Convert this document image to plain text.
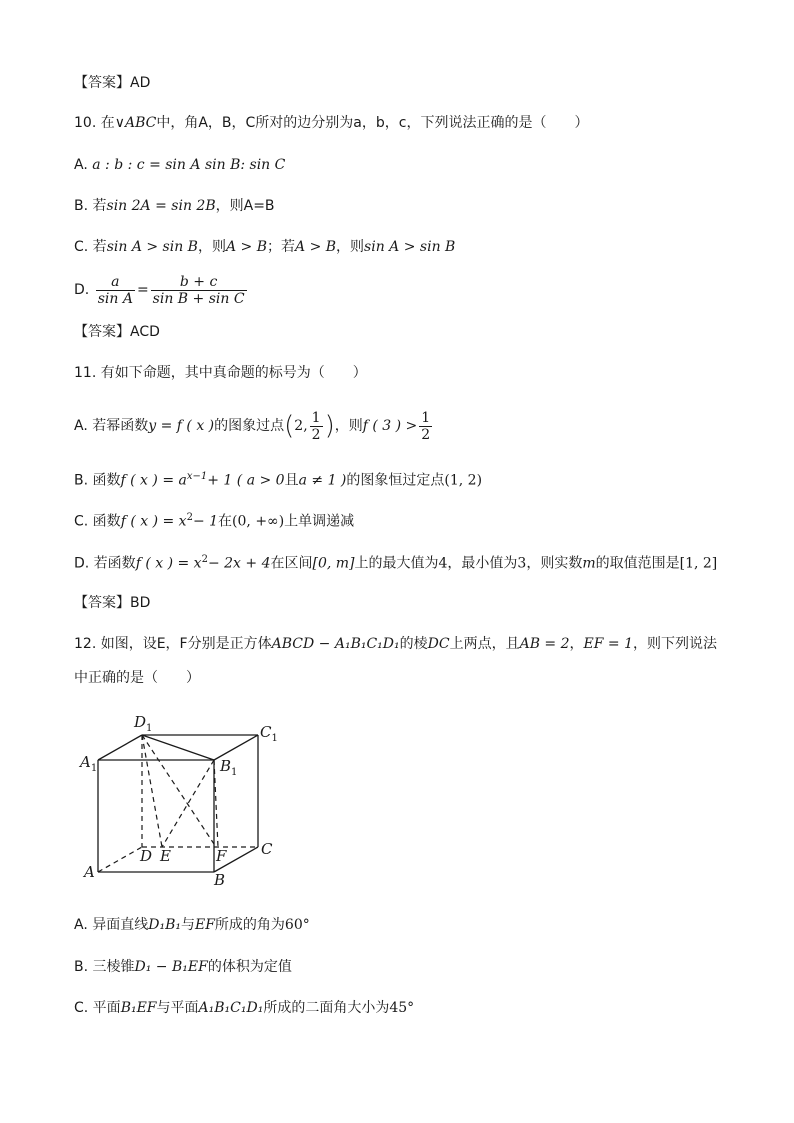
【答案】AD
10. 在∨ABC中，角A，B，C所对的边分别为a，b，c，下列说法正确的是（　　）
A. a : b : c = sin A sin B: sin C
B. 若sin 2A = sin 2B，则A=B
C. 若sin A > sin B，则A > B；若A > B，则sin A > sin B
D. $\frac{a}{\text{sin A}} = \frac{b + c}{\text{sin B + sin C}}$
【答案】ACD
11. 有如下命题，其中真命题的标号为（　　）
A. 若幂函数y = f ( x )的图象过点(2, $\frac{1}{2}$ )，则f ( 3 ) > $\frac{1}{2}$
B. 函数f ( x ) = $a^{x-1}+ 1$ ( a > 0且a ≠ 1 )的图象恒过定点(1, 2)
C. 函数f ( x ) = $x^2- 1$在(0, +∞)上单调递减
D. 若函数f ( x ) = $x^2- 2x + 4$在区间[0, m]上的最大值为4，最小值为3，则实数m的取值范围是[1, 2]
【答案】BD
12. 如图，设E，F分别是正方体ABCD − A₁B₁C₁D₁的棱DC上两点，且AB = 2，EF = 1，则下列说法
中正确的是（　　）
$D_1$	$C_1$
$A_1$	$B_1$
D E	F C
A	B
A. 异面直线D₁B₁与EF所成的角为60°
B. 三棱锥D₁ − B₁EF的体积为定值
C. 平面B₁EF与平面A₁B₁C₁D₁所成的二面角大小为45°
